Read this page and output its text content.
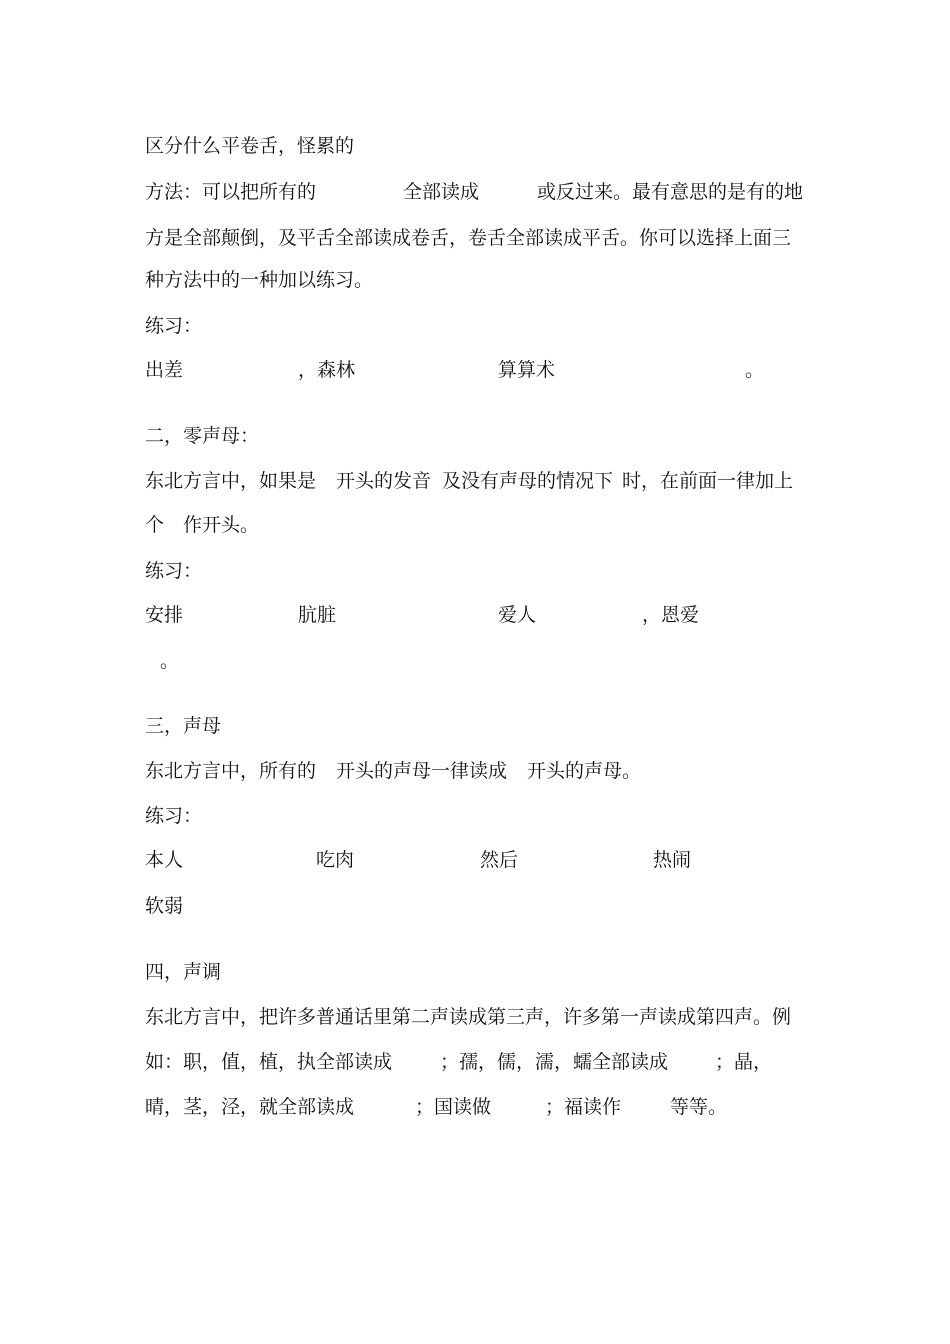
区分什么平卷舌，怪累的
方法：可以把所有的	全部读成	或反过来。最有意思的是有的地
方是全部颠倒，及平舌全部读成卷舌，卷舌全部读成平舌。你可以选择上面三
种方法中的一种加以练习。
练习：
出差	，森林	算算术	。
二，零声母：
东北方言中，如果是 开头的发音 及没有声母的情况下 时，在前面一律加上
个 作开头。
练习：
安排	肮脏	爱人	，恩爱
。
三，声母
东北方言中，所有的 开头的声母一律读成 开头的声母。
练习：
本人	吃肉	然后	热闹
软弱
四，声调
东北方言中，把许多普通话里第二声读成第三声，许多第一声读成第四声。例
如：职，值，植，执全部读成	；孺，儒，濡，蠕全部读成 ；晶，
晴，茎，泾，就全部读成	；国读做	；福读作	等等。
